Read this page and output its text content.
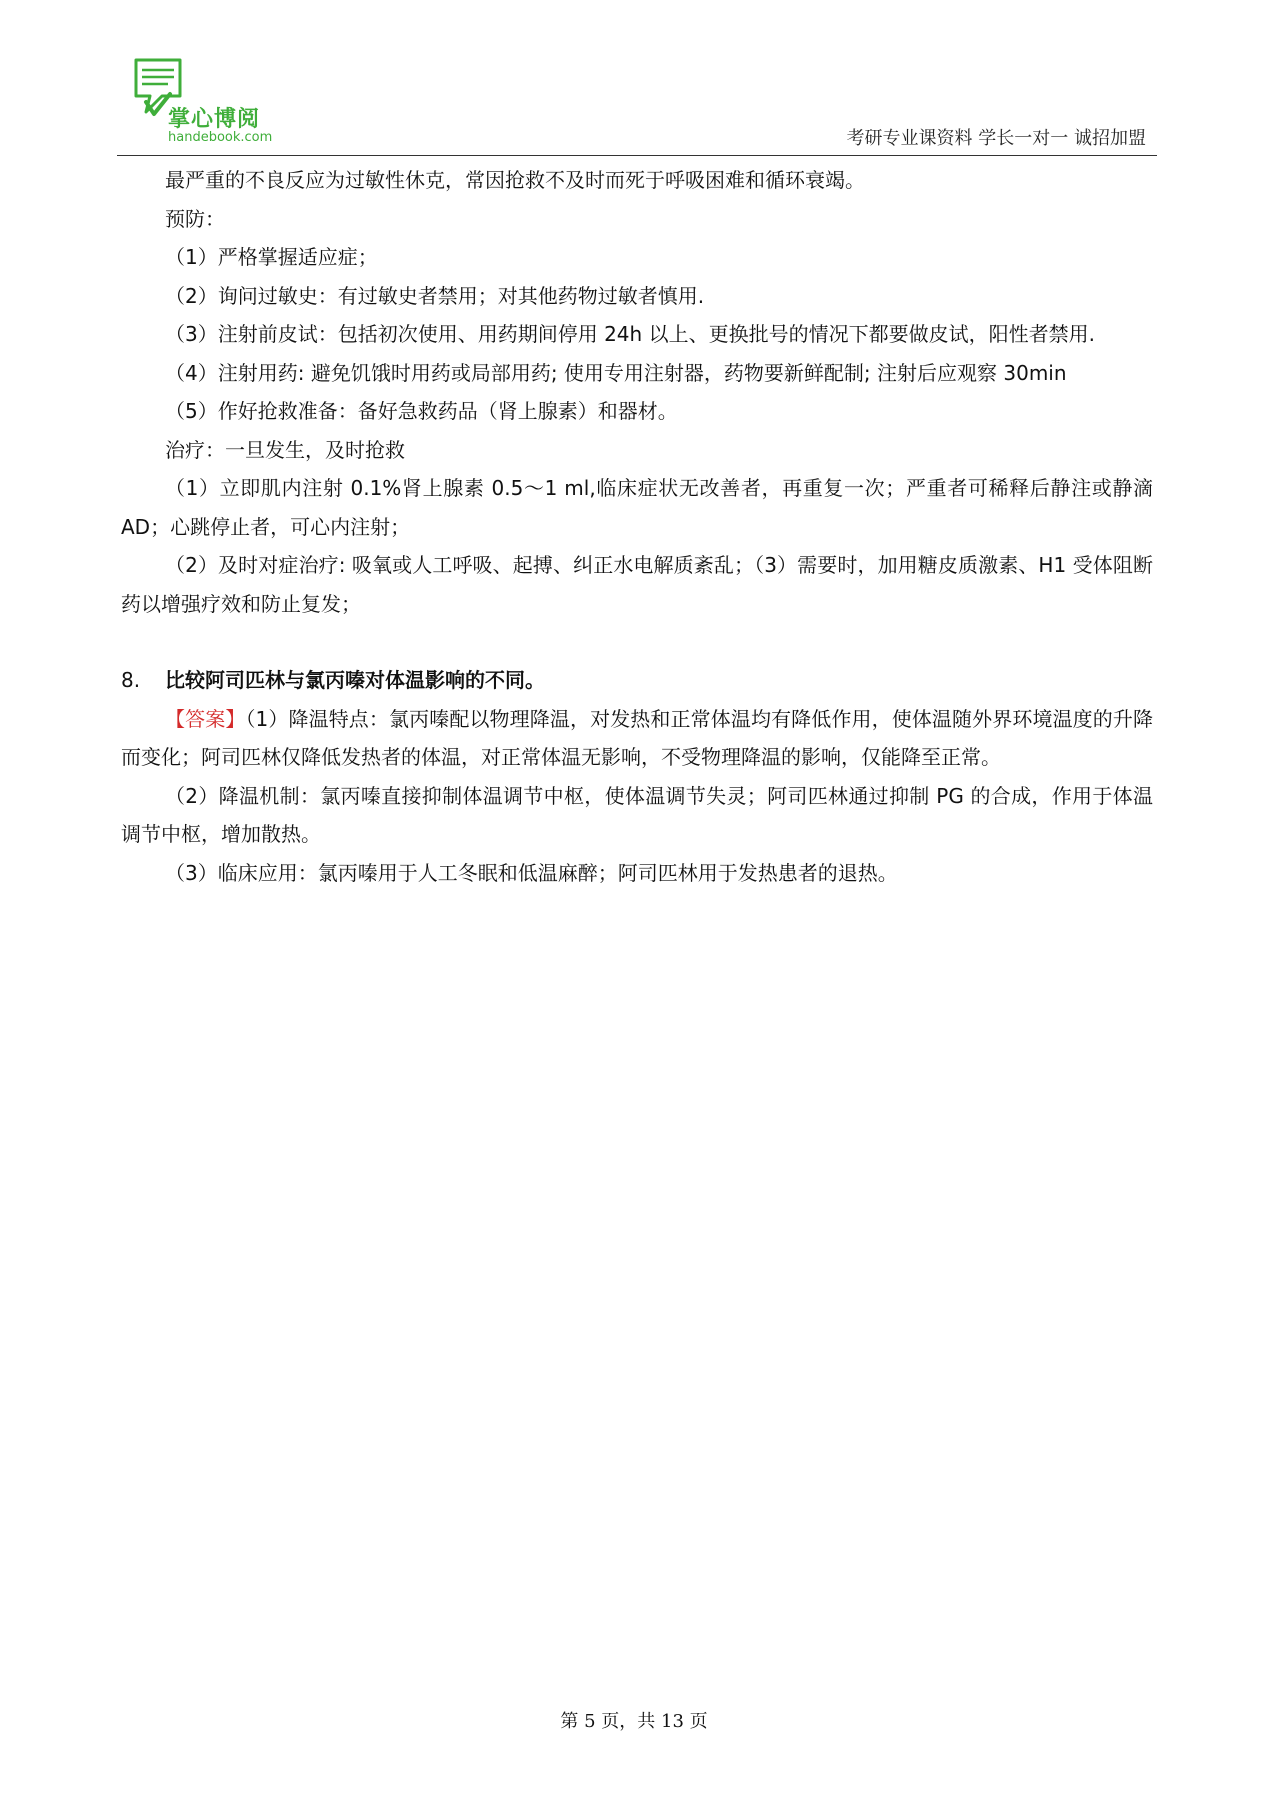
掌心博阅
handebook.com	考研专业课资料 学长一对一 诚招加盟

最严重的不良反应为过敏性休克，常因抢救不及时而死于呼吸困难和循环衰竭。

预防：

（1）严格掌握适应症；

（2）询问过敏史：有过敏史者禁用；对其他药物过敏者慎用.

（3）注射前皮试：包括初次使用、用药期间停用 24h 以上、更换批号的情况下都要做皮试，阳性者禁用.

（4）注射用药: 避免饥饿时用药或局部用药; 使用专用注射器，药物要新鲜配制; 注射后应观察 30min

（5）作好抢救准备：备好急救药品（肾上腺素）和器材。

治疗：一旦发生，及时抢救

（1）立即肌内注射 0.1%肾上腺素 0.5～1 ml,临床症状无改善者，再重复一次；严重者可稀释后静注或静滴 AD；心跳停止者，可心内注射；

（2）及时对症治疗: 吸氧或人工呼吸、起搏、纠正水电解质紊乱；（3）需要时，加用糖皮质激素、H1 受体阻断药以增强疗效和防止复发；

8. 比较阿司匹林与氯丙嗪对体温影响的不同。

【答案】（1）降温特点：氯丙嗪配以物理降温，对发热和正常体温均有降低作用，使体温随外界环境温度的升降而变化；阿司匹林仅降低发热者的体温，对正常体温无影响，不受物理降温的影响，仅能降至正常。

（2）降温机制：氯丙嗪直接抑制体温调节中枢，使体温调节失灵；阿司匹林通过抑制 PG 的合成，作用于体温调节中枢，增加散热。

（3）临床应用：氯丙嗪用于人工冬眠和低温麻醉；阿司匹林用于发热患者的退热。

第 5 页，共 13 页
